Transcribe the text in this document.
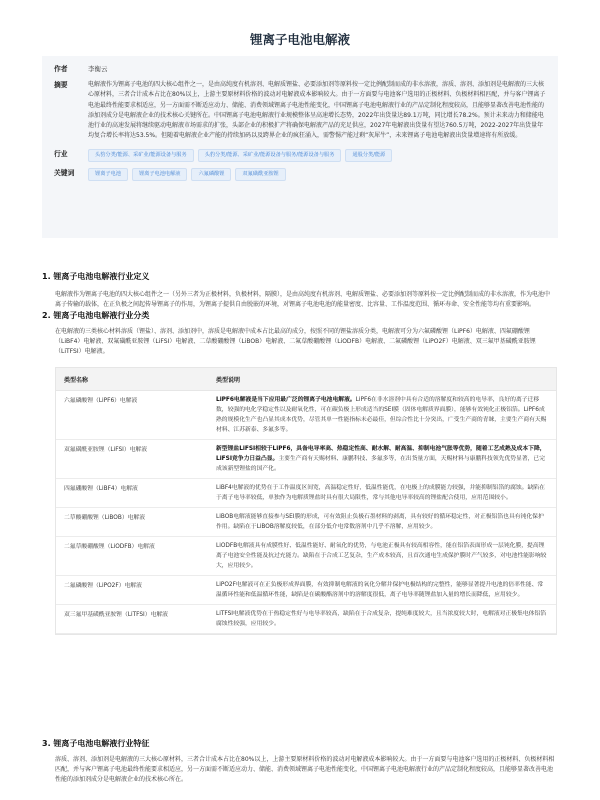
锂离子电池电解液
作者	李衡云
摘要	电解液作为锂离子电池的四大核心组件之一，是由高纯度有机溶剂、电解质锂盐、必要添加剂等原料按一定比例配制而成的非水溶液，溶质、溶剂、添加剂是电解液的三大核心原材料，三者合计成本占比在80%以上，上游主要原材料价格的波动对电解液成本影响较大。由于一方面要与电池客户选用的正极材料、负极材料相匹配，并与客户锂离子电池最终性能要求相适应，另一方面需不断适应动力、储能、消费领域锂离子电池性能变化，中国锂离子电池电解液行业的产品定制化程度较高，且能够显著改善电池性能的添加剂成分是电解液企业的技术核心关键所在。中国锂离子电池电解液行业规模整体呈高速增长态势，2022年出货量达89.1万吨，同比增长78.2%。预计未来动力和储能电池行业的高速发展将继续驱动电解液市场需求的扩张，头部企业的积极扩产将确保电解液产品的充足供应，2027年电解液出货量有望达760.5万吨，2022-2027年出货量年均复合增长率将达53.5%。但随着电解液企业产能的持续加码以及跨界企业的疯狂涌入，需警惕产能过剩“灰犀牛”，未来锂离子电池电解液出货量增速将有所放缓。
行业	头豹分类/能源、采矿业/能源设备与服务	头豹分类/能源、采矿业/能源设备与服务/能源设备与服务	通股分类/能源
关键词	锂离子电池	锂离子电池电解液	六氟磷酸锂	双氟磺酰亚胺锂
1. 锂离子电池电解液行业定义
电解液作为锂离子电池的四大核心组件之一（另外三者为正极材料，负极材料，隔膜），是由高纯度有机溶剂、电解质锂盐、必要添加剂等原料按一定比例配制而成的非水溶液，作为电池中离子传输的载体，在正负极之间起传导锂离子的作用，为锂离子提供自由脱嵌的环境，对锂离子电池电池的能量密度、比容量、工作温度范围、循环寿命、安全性能等均有重要影响。
2. 锂离子电池电解液行业分类
在电解液的三类核心材料溶质（锂盐）、溶剂、添加剂中，溶质是电解液中成本占比最高的成分，按照不同的锂盐溶质分类，电解液可分为六氟磷酸锂（LiPF6）电解液、四氟硼酸锂（LiBF4）电解液、双氟磺酰亚胺锂（LiFSI）电解液、二草酸硼酸锂（LiBOB）电解液、二氟草酸硼酸锂（LiODFB）电解液、二氟磷酸锂（LiPO2F）电解液、双三氟甲基磺酰亚胺锂（LiTFSI）电解液。
类型名称	类型说明
六氟磷酸锂（LiPF6）电解液	LiPF6电解液是当下应用最广泛的锂离子电池电解液。LiPF6在非水溶剂中具有合适的溶解度和较高的电导率，良好的离子迁移数，较强的电化学稳定性以及耐氧化性，可在碳负极上形成适当的SEI膜（固体电解质界面膜），能够有效钝化正极铝箔。LiPF6成熟的规模化生产也凸显其成本优势，尽管其单一性能指标未必最佳，但综合性比十分突出，广受生产商的青睐，主要生产商有天赐材料、江苏新泰、多氟多等。
双氟磺酰亚胺锂（LiFSI）电解液	新型锂盐LiFSI相较于LiPF6，具备电导率高、热稳定性高、耐水解、耐高温、抑制电池气胀等优势，随着工艺成熟及成本下降，LiFSI竞争力日益凸显。主要生产商有天赐材料、康鹏科技、多氟多等，在出货量方面，天赐材料与康鹏科技领先优势显著，已完成该新型锂盐的国产化。
四氟硼酸锂（LiBF4）电解液	LiBF4电解液的优势在于工作温度区间宽，高温稳定性好，低温性能优，在电极上的成膜能力较强，并能抑制铝箔的腐蚀。缺陷在于离子电导率较低，单独作为电解质锂盐时具有很大局限性，常与其他电导率较高的锂盐配合使用，应用范围较小。
二草酸硼酸锂（LiBOB）电解液	LiBOB电解液能够直接参与SEI膜的形成，可有效阻止负极石墨材料的剥离，具有较好的循环稳定性，对正极铝箔也具有钝化保护作用。缺陷在于LiBOB溶解度较低，在部分低介电常数溶剂中几乎不溶解，应用较少。
二氟草酸硼酸锂（LiODFB）电解液	LiODFB电解液具有成膜性好、低温性能好、耐氧化的优势，与电池正极具有较高相容性，能在铝箔表面形成一层钝化膜，提高锂离子电池安全性能及抗过充能力。缺陷在于合成工艺复杂，生产成本较高，且首次通电生成保护膜时产气较多，对电池性能影响较大，应用较少。
二氟磷酸锂（LiPO2F）电解液	LiPO2F电解液可在正负极形成界面膜，有效抑制电解液的氧化分解并保护电极结构的完整性，能够显著提升电池的倍率性能、常温循环性能和低温循环性能，缺陷是在碳酸酯溶剂中的溶解度很低，离子电导率随锂盐加入量的增长而降低，应用较少。
双三氟甲基磺酰亚胺锂（LiTFSI）电解液	LiTFSI电解液优势在于热稳定性好与电导率较高，缺陷在于合成复杂，提纯难度较大，且当浓度较大时，电解液对正极集电体铝箔腐蚀性较强，应用较少。
3. 锂离子电池电解液行业特征
溶质、溶剂、添加剂是电解液的三大核心原材料，三者合计成本占比在80%以上，上游主要原材料价格的波动对电解液成本影响较大。由于一方面要与电池客户选用的正极材料、负极材料相匹配，并与客户锂离子电池最终性能要求相适应，另一方面需不断适应动力、储能、消费领域锂离子电池性能变化，中国锂离子电池电解液行业的产品定制化程度较高，且能够显著改善电池性能的添加剂成分是电解液企业的技术核心所在。
